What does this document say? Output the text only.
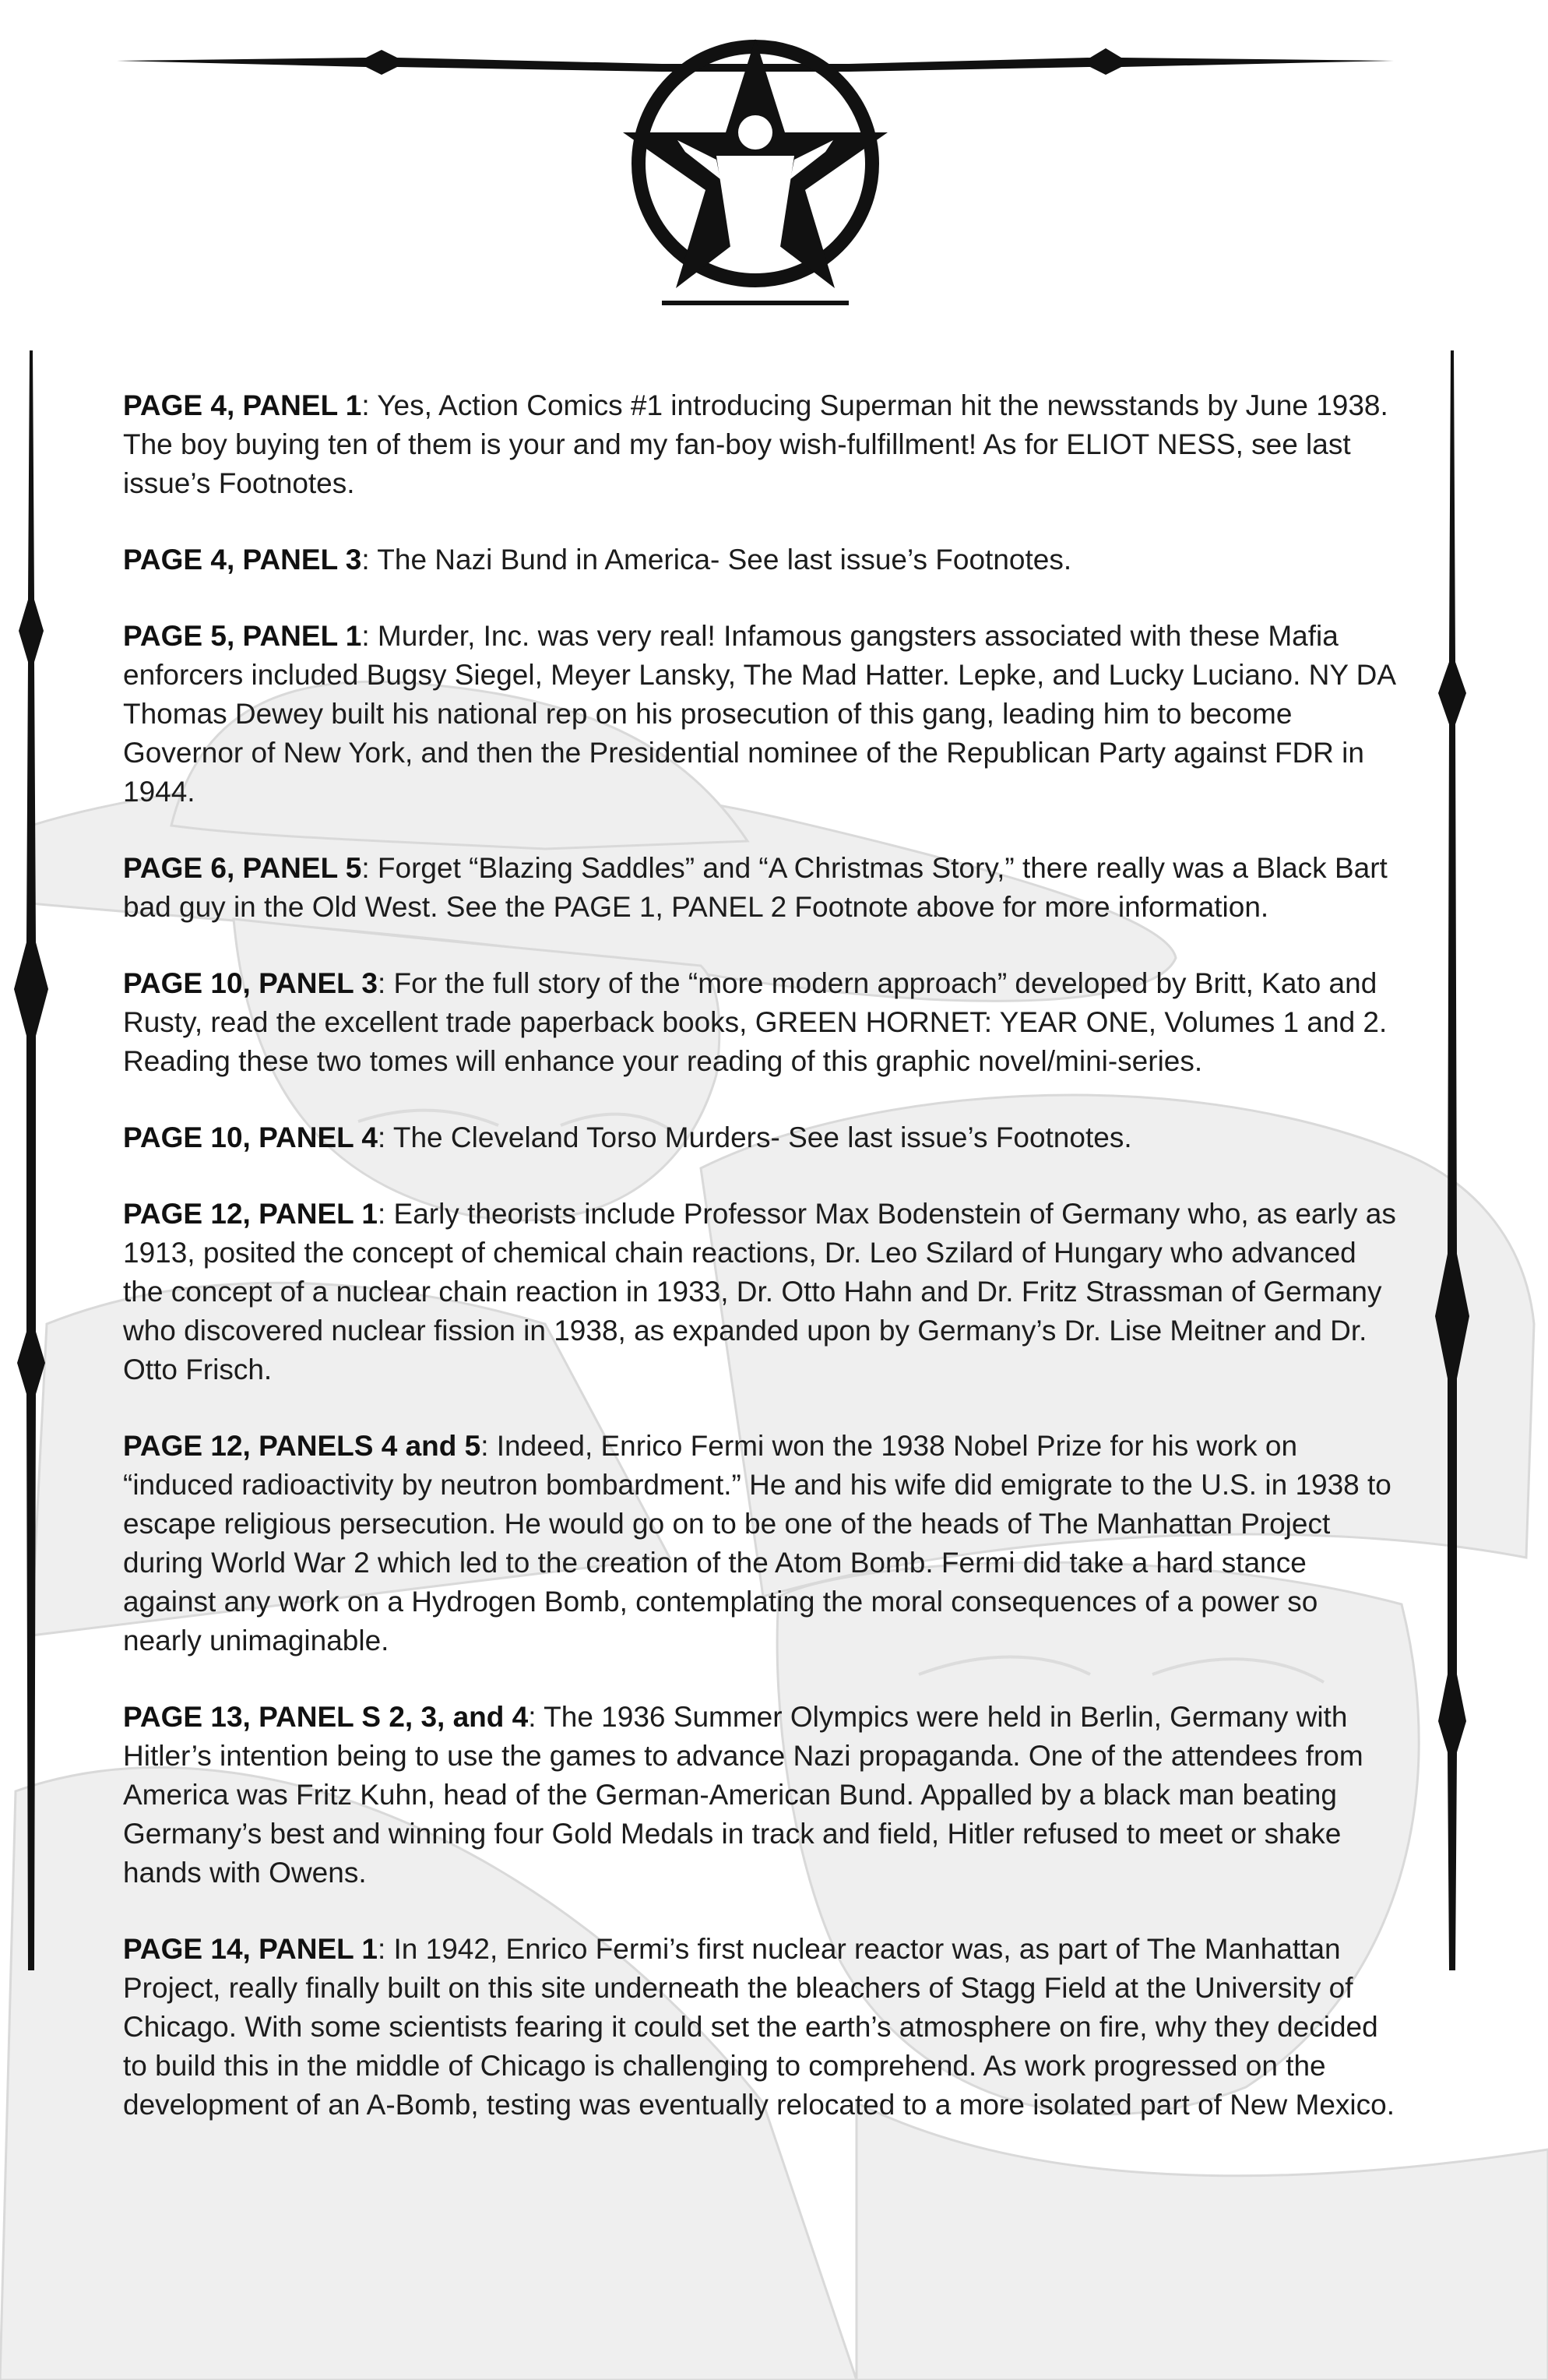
PAGE 4, PANEL 1: Yes, Action Comics #1 introducing Superman hit the newsstands by June 1938. The boy buying ten of them is your and my fan-boy wish-fulfillment! As for ELIOT NESS, see last issue’s Footnotes.

PAGE 4, PANEL 3: The Nazi Bund in America- See last issue’s Footnotes.

PAGE 5, PANEL 1: Murder, Inc. was very real! Infamous gangsters associated with these Mafia enforcers included Bugsy Siegel, Meyer Lansky, The Mad Hatter. Lepke, and Lucky Luciano. NY DA Thomas Dewey built his national rep on his prosecution of this gang, leading him to become Governor of New York, and then the Presidential nominee of the Republican Party against FDR in 1944.

PAGE 6, PANEL 5: Forget “Blazing Saddles” and “A Christmas Story,” there really was a Black Bart bad guy in the Old West. See the PAGE 1, PANEL 2 Footnote above for more information.

PAGE 10, PANEL 3: For the full story of the “more modern approach” developed by Britt, Kato and Rusty, read the excellent trade paperback books, GREEN HORNET: YEAR ONE, Volumes 1 and 2. Reading these two tomes will enhance your reading of this graphic novel/mini-series.

PAGE 10, PANEL 4: The Cleveland Torso Murders- See last issue’s Footnotes.

PAGE 12, PANEL 1: Early theorists include Professor Max Bodenstein of Germany who, as early as 1913, posited the concept of chemical chain reactions, Dr. Leo Szilard of Hungary who advanced the concept of a nuclear chain reaction in 1933, Dr. Otto Hahn and Dr. Fritz Strassman of Germany who discovered nuclear fission in 1938, as expanded upon by Germany’s Dr. Lise Meitner and Dr. Otto Frisch.

PAGE 12, PANELS 4 and 5: Indeed, Enrico Fermi won the 1938 Nobel Prize for his work on “induced radioactivity by neutron bombardment.” He and his wife did emigrate to the U.S. in 1938 to escape religious persecution. He would go on to be one of the heads of The Manhattan Project during World War 2 which led to the creation of the Atom Bomb. Fermi did take a hard stance against any work on a Hydrogen Bomb, contemplating the moral consequences of a power so nearly unimaginable.

PAGE 13, PANEL S 2, 3, and 4: The 1936 Summer Olympics were held in Berlin, Germany with Hitler’s intention being to use the games to advance Nazi propaganda. One of the attendees from America was Fritz Kuhn, head of the German-American Bund. Appalled by a black man beating Germany’s best and winning four Gold Medals in track and field, Hitler refused to meet or shake hands with Owens.

PAGE 14, PANEL 1: In 1942, Enrico Fermi’s first nuclear reactor was, as part of The Manhattan Project, really finally built on this site underneath the bleachers of Stagg Field at the University of Chicago. With some scientists fearing it could set the earth’s atmosphere on fire, why they decided to build this in the middle of Chicago is challenging to comprehend. As work progressed on the development of an A-Bomb, testing was eventually relocated to a more isolated part of New Mexico.
